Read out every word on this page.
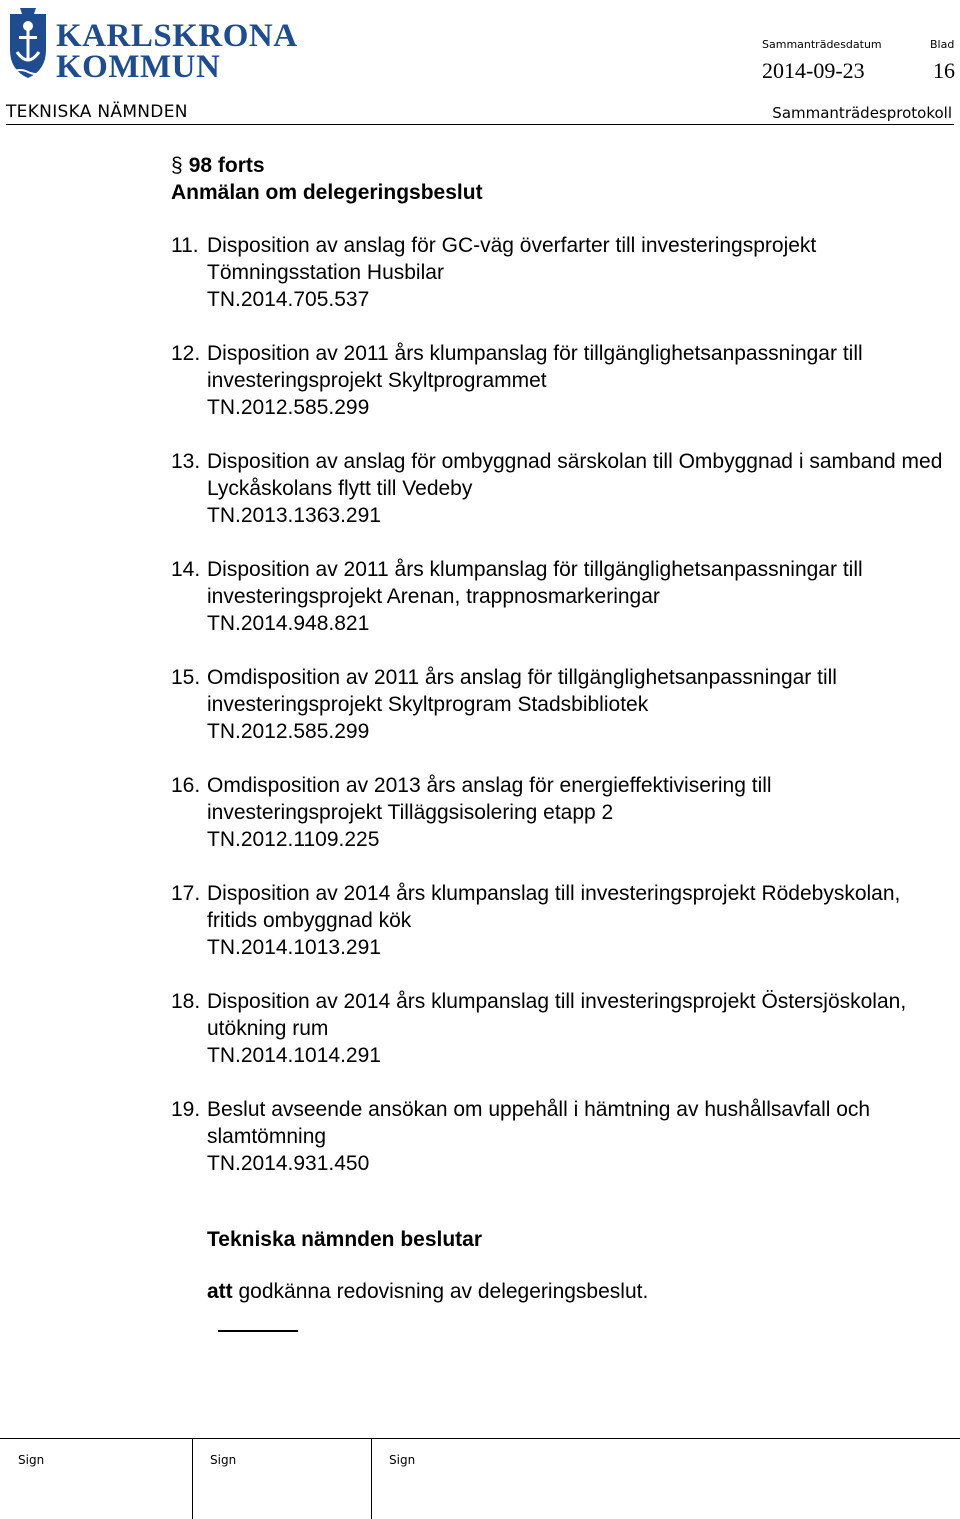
KARLSKRONA
KOMMUN
Sammanträdesdatum	Blad
2014-09-23	16
TEKNISKA NÄMNDEN	Sammanträdesprotokoll
§ 98 forts
Anmälan om delegeringsbeslut
11. Disposition av anslag för GC-väg överfarter till investeringsprojekt Tömningsstation Husbilar
TN.2014.705.537
12. Disposition av 2011 års klumpanslag för tillgänglighetsanpassningar till investeringsprojekt Skyltprogrammet
TN.2012.585.299
13. Disposition av anslag för ombyggnad särskolan till Ombyggnad i samband med Lyckåskolans flytt till Vedeby
TN.2013.1363.291
14. Disposition av 2011 års klumpanslag för tillgänglighetsanpassningar till investeringsprojekt Arenan, trappnosmarkeringar
TN.2014.948.821
15. Omdisposition av 2011 års anslag för tillgänglighetsanpassningar till investeringsprojekt Skyltprogram Stadsbibliotek
TN.2012.585.299
16. Omdisposition av 2013 års anslag för energieffektivisering till investeringsprojekt Tilläggsisolering etapp 2
TN.2012.1109.225
17. Disposition av 2014 års klumpanslag till investeringsprojekt Rödebyskolan, fritids ombyggnad kök
TN.2014.1013.291
18. Disposition av 2014 års klumpanslag till investeringsprojekt Östersjöskolan, utökning rum
TN.2014.1014.291
19. Beslut avseende ansökan om uppehåll i hämtning av hushållsavfall och slamtömning
TN.2014.931.450
Tekniska nämnden beslutar
att godkänna redovisning av delegeringsbeslut.
Sign	Sign	Sign
